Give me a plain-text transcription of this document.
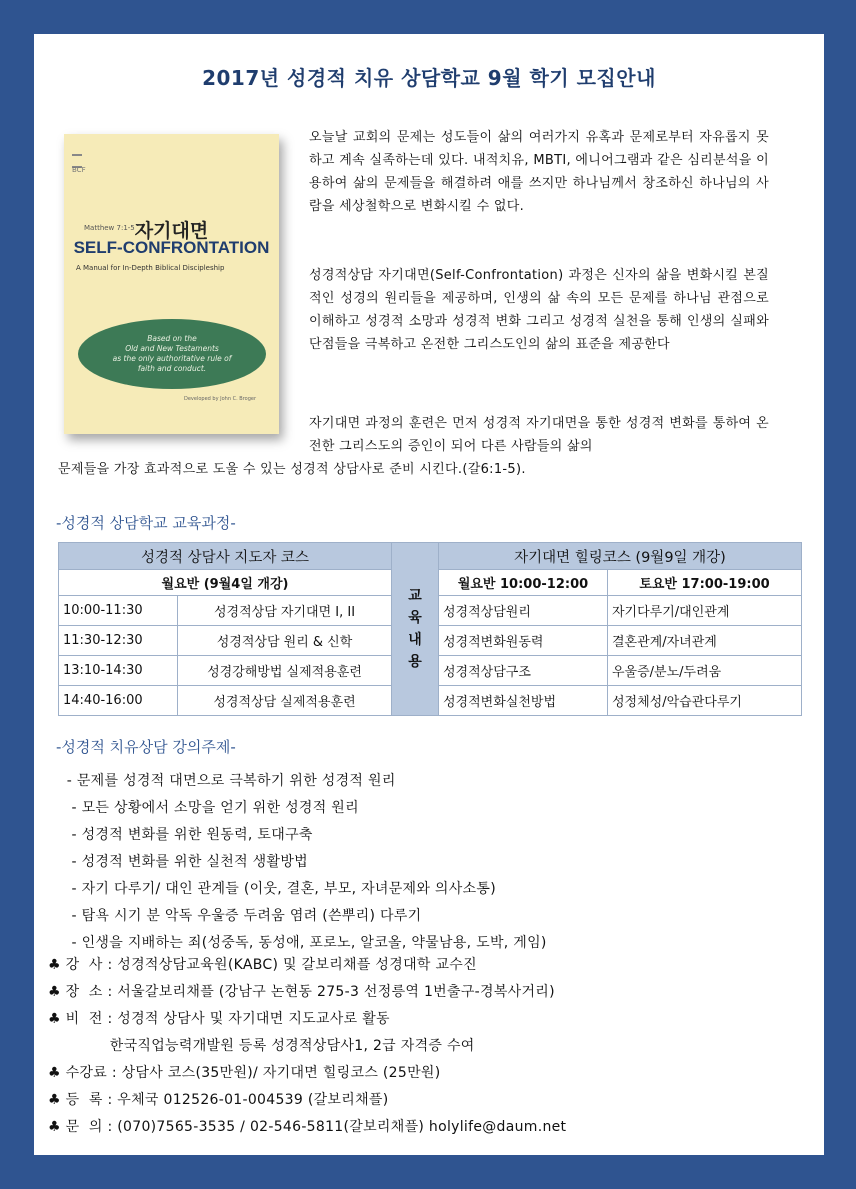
2017년 성경적 치유 상담학교 9월 학기 모집안내
BCF
자기대면
Matthew 7:1-5
SELF-CONFRONTATION
A Manual for In-Depth Biblical Discipleship
Based on the
Old and New Testaments
as the only authoritative rule of
faith and conduct.
Developed by John C. Broger
오늘날 교회의 문제는 성도들이 삶의 여러가지 유혹과 문제로부터 자유롭지 못하고 계속 실족하는데 있다. 내적치유, MBTI, 에니어그램과 같은 심리분석을 이용하여 삶의 문제들을 해결하려 애를 쓰지만 하나님께서 창조하신 하나님의 사람을 세상철학으로 변화시킬 수 없다.
성경적상담 자기대면(Self-Confrontation) 과정은 신자의 삶을 변화시킬 본질적인 성경의 원리들을 제공하며, 인생의 삶 속의 모든 문제를 하나님 관점으로 이해하고 성경적 소망과 성경적 변화 그리고 성경적 실천을 통해 인생의 실패와 단점들을 극복하고 온전한 그리스도인의 삶의 표준을 제공한다
자기대면 과정의 훈련은 먼저 성경적 자기대면을 통한 성경적 변화를 통하여 온전한 그리스도의 증인이 되어 다른 사람들의 삶의
문제들을 가장 효과적으로 도울 수 있는 성경적 상담사로 준비 시킨다.(갈6:1-5).
-성경적 상담학교 교육과정-
성경적 상담사 지도자 코스		교
육
내
용	자기대면 힐링코스 (9월9일 개강)	
월요반 (9월4일 개강)			월요반 10:00-12:00	토요반 17:00-19:00
10:00-11:30	성경적상담 자기대면 I, II		성경적상담원리	자기다루기/대인관계
11:30-12:30	성경적상담 원리 & 신학		성경적변화원동력	결혼관계/자녀관계
13:10-14:30	성경강해방법 실제적용훈련		성경적상담구조	우울증/분노/두려움
14:40-16:00	성경적상담 실제적용훈련		성경적변화실천방법	성정체성/악습관다루기
-성경적 치유상담 강의주제-
- 문제를 성경적 대면으로 극복하기 위한 성경적 원리
- 모든 상황에서 소망을 얻기 위한 성경적 원리
- 성경적 변화를 위한 원동력, 토대구축
- 성경적 변화를 위한 실천적 생활방법
- 자기 다루기/ 대인 관계들 (이웃, 결혼, 부모, 자녀문제와 의사소통)
- 탐욕 시기 분 악독 우울증 두려움 염려 (쓴뿌리) 다루기
- 인생을 지배하는 죄(성중독, 동성애, 포로노, 알코올, 약물남용, 도박, 게임)
♣ 강  사 : 성경적상담교육원(KABC) 및 갈보리채플 성경대학 교수진
♣ 장  소 : 서울갈보리채플 (강남구 논현동 275-3 선정릉역 1번출구-경복사거리)
♣ 비  전 : 성경적 상담사 및 자기대면 지도교사로 활동
한국직업능력개발원 등록 성경적상담사1, 2급 자격증 수여
♣ 수강료 : 상담사 코스(35만원)/ 자기대면 힐링코스 (25만원)
♣ 등  록 : 우체국 012526-01-004539 (갈보리채플)
♣ 문  의 : (070)7565-3535 / 02-546-5811(갈보리채플) holylife@daum.net
